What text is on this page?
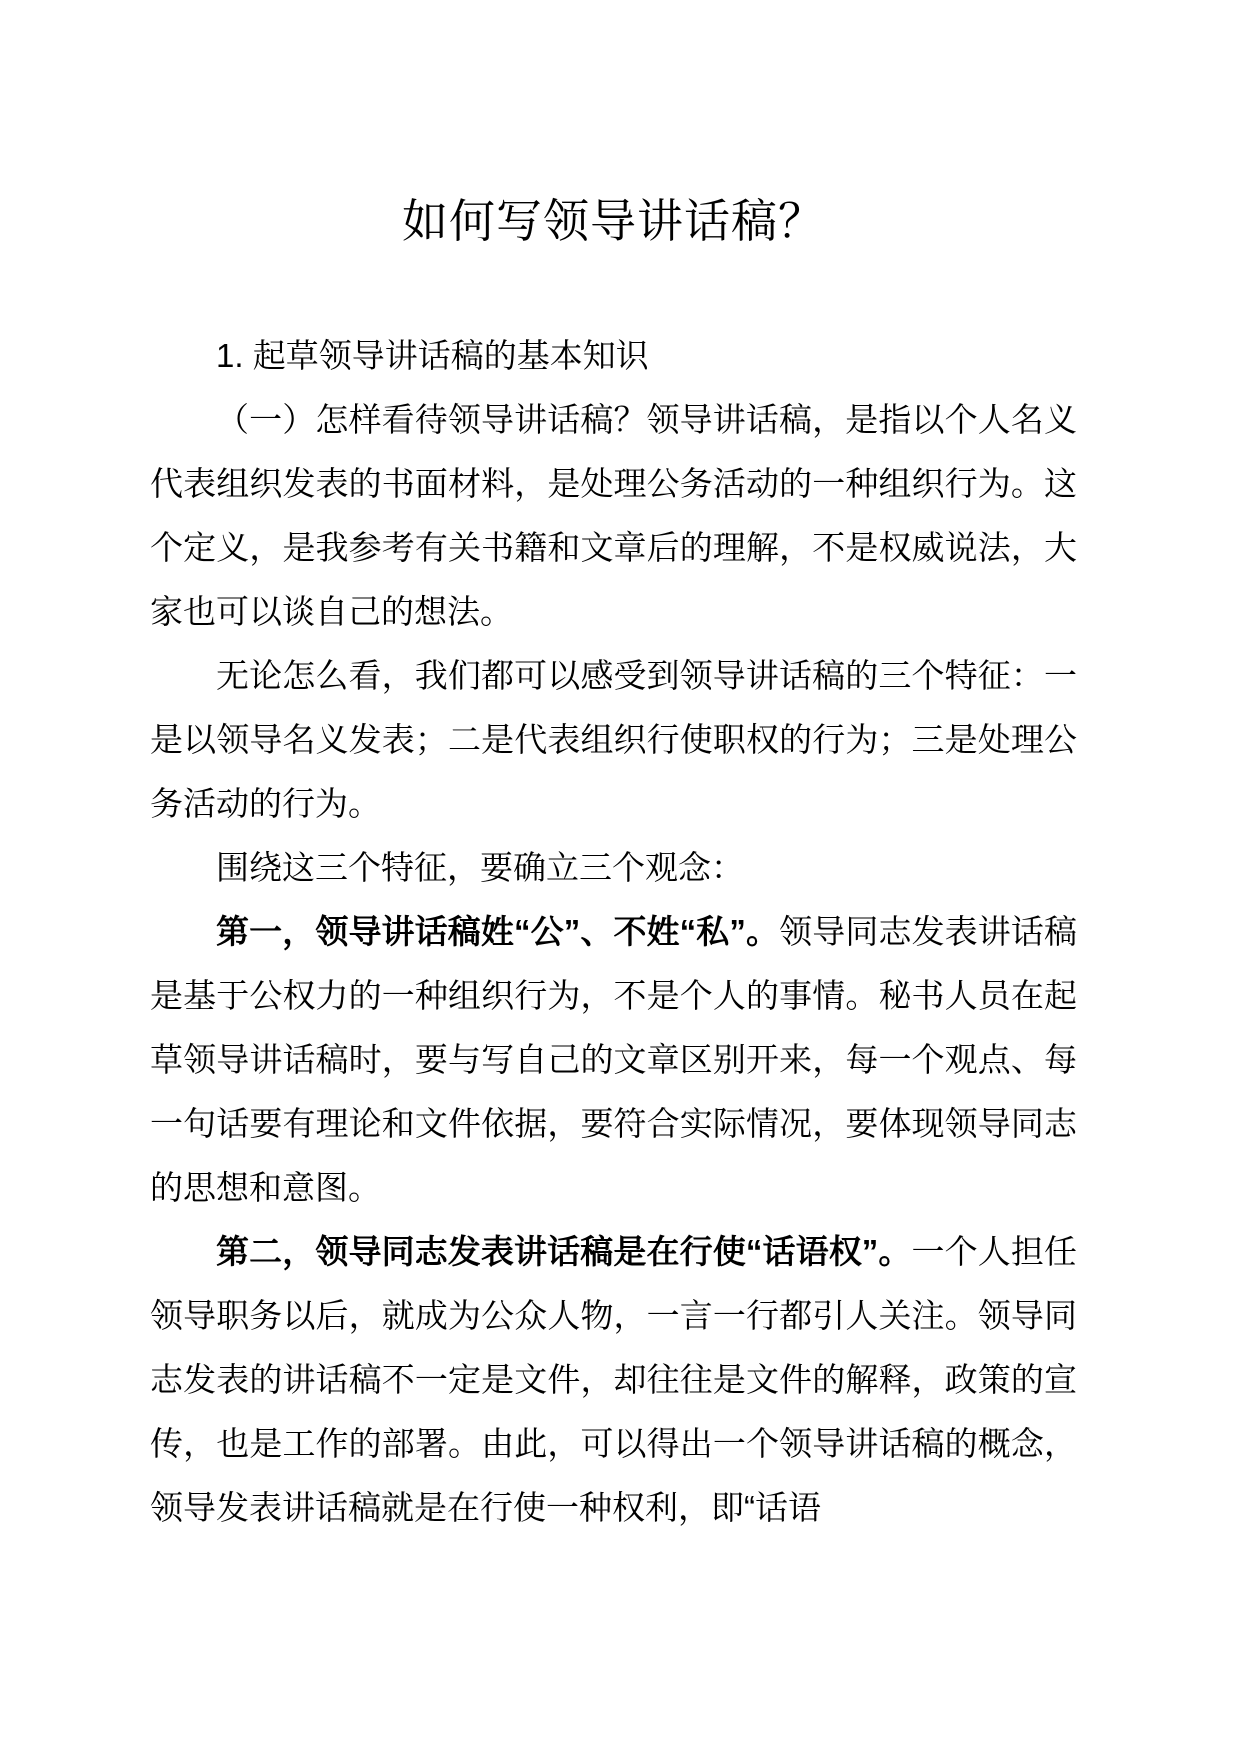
如何写领导讲话稿？

1. 起草领导讲话稿的基本知识

（一）怎样看待领导讲话稿？领导讲话稿，是指以个人名义代表组织发表的书面材料，是处理公务活动的一种组织行为。这个定义，是我参考有关书籍和文章后的理解，不是权威说法，大家也可以谈自己的想法。

无论怎么看，我们都可以感受到领导讲话稿的三个特征：一是以领导名义发表；二是代表组织行使职权的行为；三是处理公务活动的行为。

围绕这三个特征，要确立三个观念：

第一，领导讲话稿姓“公”、不姓“私”。领导同志发表讲话稿是基于公权力的一种组织行为，不是个人的事情。秘书人员在起草领导讲话稿时，要与写自己的文章区别开来，每一个观点、每一句话要有理论和文件依据，要符合实际情况，要体现领导同志的思想和意图。

第二，领导同志发表讲话稿是在行使“话语权”。一个人担任领导职务以后，就成为公众人物，一言一行都引人关注。领导同志发表的讲话稿不一定是文件，却往往是文件的解释，政策的宣传，也是工作的部署。由此，可以得出一个领导讲话稿的概念，领导发表讲话稿就是在行使一种权利，即“话语
